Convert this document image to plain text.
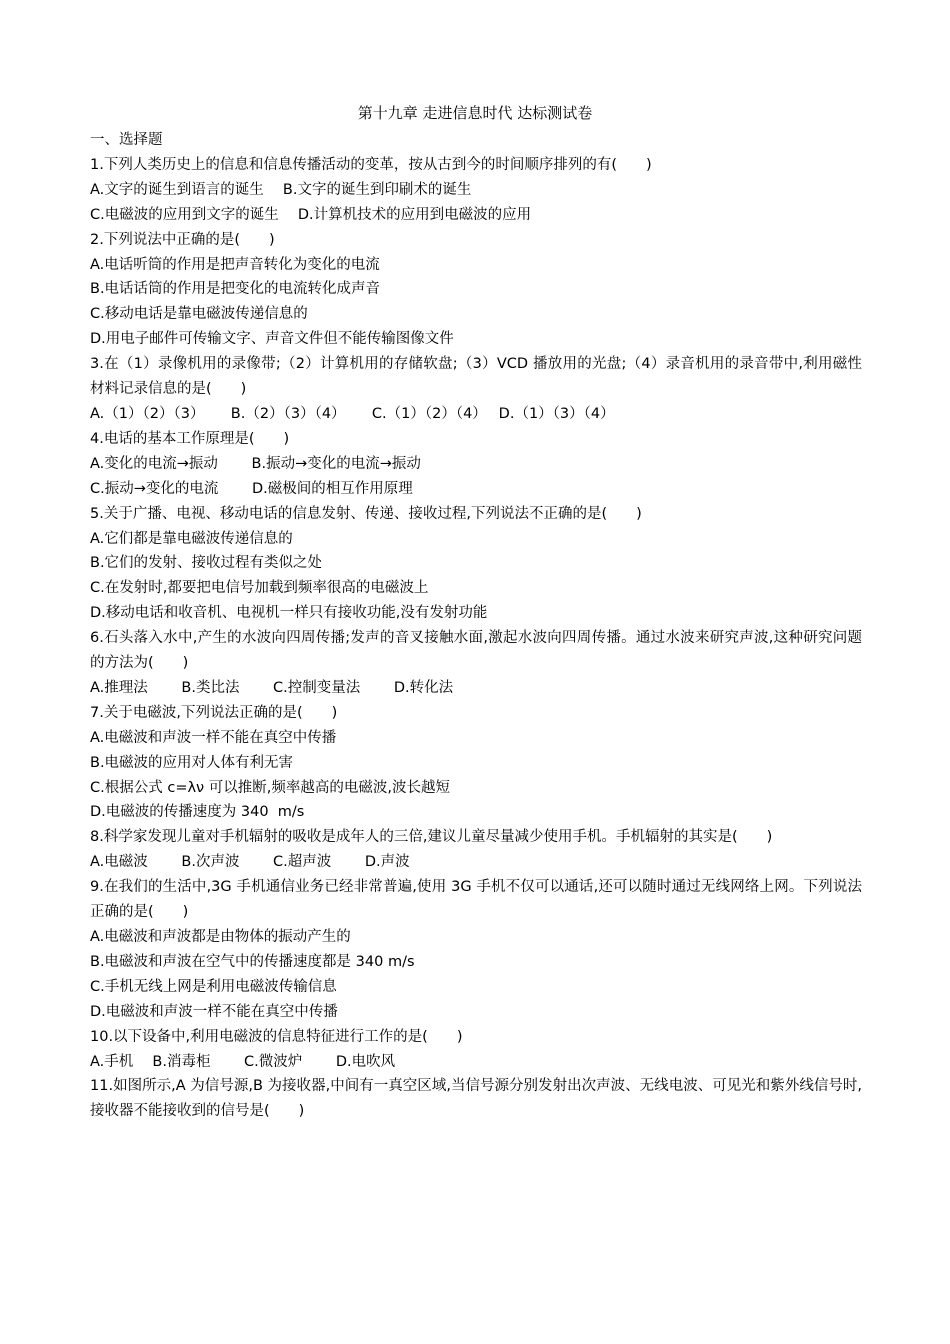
第十九章 走进信息时代 达标测试卷

一、选择题

1.下列人类历史上的信息和信息传播活动的变革，按从古到今的时间顺序排列的有(　　)

A.文字的诞生到语言的诞生　 B.文字的诞生到印刷术的诞生

C.电磁波的应用到文字的诞生　 D.计算机技术的应用到电磁波的应用

2.下列说法中正确的是(　　)

A.电话听筒的作用是把声音转化为变化的电流

B.电话话筒的作用是把变化的电流转化成声音

C.移动电话是靠电磁波传递信息的

D.用电子邮件可传输文字、声音文件但不能传输图像文件

3.在（1）录像机用的录像带;（2）计算机用的存储软盘;（3）VCD 播放用的光盘;（4）录音机用的录音带中,利用磁性材料记录信息的是(　　)

A.（1）（2）（3）　　 B.（2）（3）（4）　　 C.（1）（2）（4）　 D.（1）（3）（4）

4.电话的基本工作原理是(　　)

A.变化的电流→振动　　 B.振动→变化的电流→振动

C.振动→变化的电流　　 D.磁极间的相互作用原理

5.关于广播、电视、移动电话的信息发射、传递、接收过程,下列说法不正确的是(　　)

A.它们都是靠电磁波传递信息的

B.它们的发射、接收过程有类似之处

C.在发射时,都要把电信号加载到频率很高的电磁波上

D.移动电话和收音机、电视机一样只有接收功能,没有发射功能

6.石头落入水中,产生的水波向四周传播;发声的音叉接触水面,激起水波向四周传播。通过水波来研究声波,这种研究问题的方法为(　　)

A.推理法　　 B.类比法　　 C.控制变量法　　 D.转化法

7.关于电磁波,下列说法正确的是(　　)

A.电磁波和声波一样不能在真空中传播

B.电磁波的应用对人体有利无害

C.根据公式 c=λν 可以推断,频率越高的电磁波,波长越短

D.电磁波的传播速度为 340  m/s

8.科学家发现儿童对手机辐射的吸收是成年人的三倍,建议儿童尽量减少使用手机。手机辐射的其实是(　　)

A.电磁波　　 B.次声波　　 C.超声波　　 D.声波

9.在我们的生活中,3G 手机通信业务已经非常普遍,使用 3G 手机不仅可以通话,还可以随时通过无线网络上网。下列说法正确的是(　　)

A.电磁波和声波都是由物体的振动产生的

B.电磁波和声波在空气中的传播速度都是 340 m/s

C.手机无线上网是利用电磁波传输信息

D.电磁波和声波一样不能在真空中传播

10.以下设备中,利用电磁波的信息特征进行工作的是(　　)

A.手机　 B.消毒柜　　 C.微波炉　　 D.电吹风

11.如图所示,A 为信号源,B 为接收器,中间有一真空区域,当信号源分别发射出次声波、无线电波、可见光和紫外线信号时,接收器不能接收到的信号是(　　)
